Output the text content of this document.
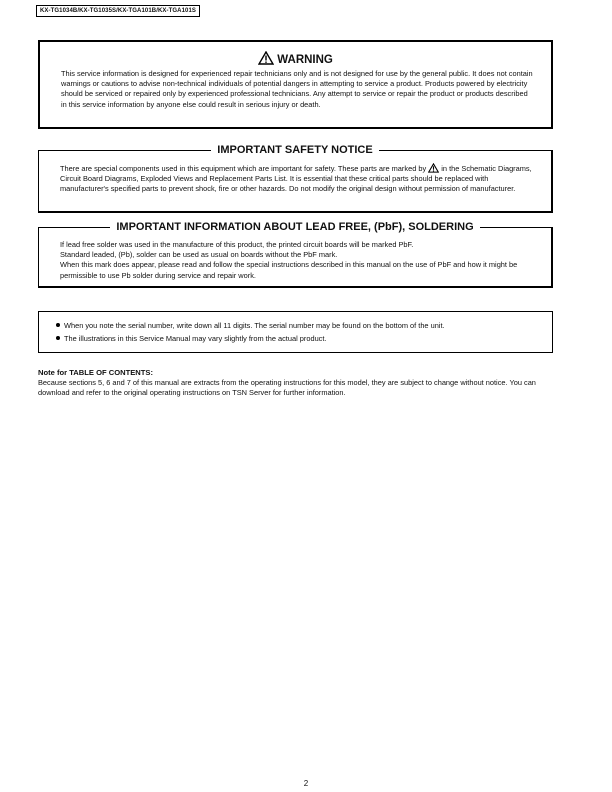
KX-TG1034B/KX-TG1035S/KX-TGA101B/KX-TGA101S
WARNING
This service information is designed for experienced repair technicians only and is not designed for use by the general public. It does not contain warnings or cautions to advise non-technical individuals of potential dangers in attempting to service a product. Products powered by electricity should be serviced or repaired only by experienced professional technicians. Any attempt to service or repair the product or products described in this service information by anyone else could result in serious injury or death.
IMPORTANT SAFETY NOTICE
There are special components used in this equipment which are important for safety. These parts are marked by  in the Schematic Diagrams, Circuit Board Diagrams, Exploded Views and Replacement Parts List. It is essential that these critical parts should be replaced with manufacturer's specified parts to prevent shock, fire or other hazards. Do not modify the original design without permission of manufacturer.
IMPORTANT INFORMATION ABOUT LEAD FREE, (PbF), SOLDERING
If lead free solder was used in the manufacture of this product, the printed circuit boards will be marked PbF.
Standard leaded, (Pb), solder can be used as usual on boards without the PbF mark.
When this mark does appear, please read and follow the special instructions described in this manual on the use of PbF and how it might be permissible to use Pb solder during service and repair work.
When you note the serial number, write down all 11 digits. The serial number may be found on the bottom of the unit.
The illustrations in this Service Manual may vary slightly from the actual product.
Note for TABLE OF CONTENTS:
Because sections 5, 6 and 7 of this manual are extracts from the operating instructions for this model, they are subject to change without notice. You can download and refer to the original operating instructions on TSN Server for further information.
2
